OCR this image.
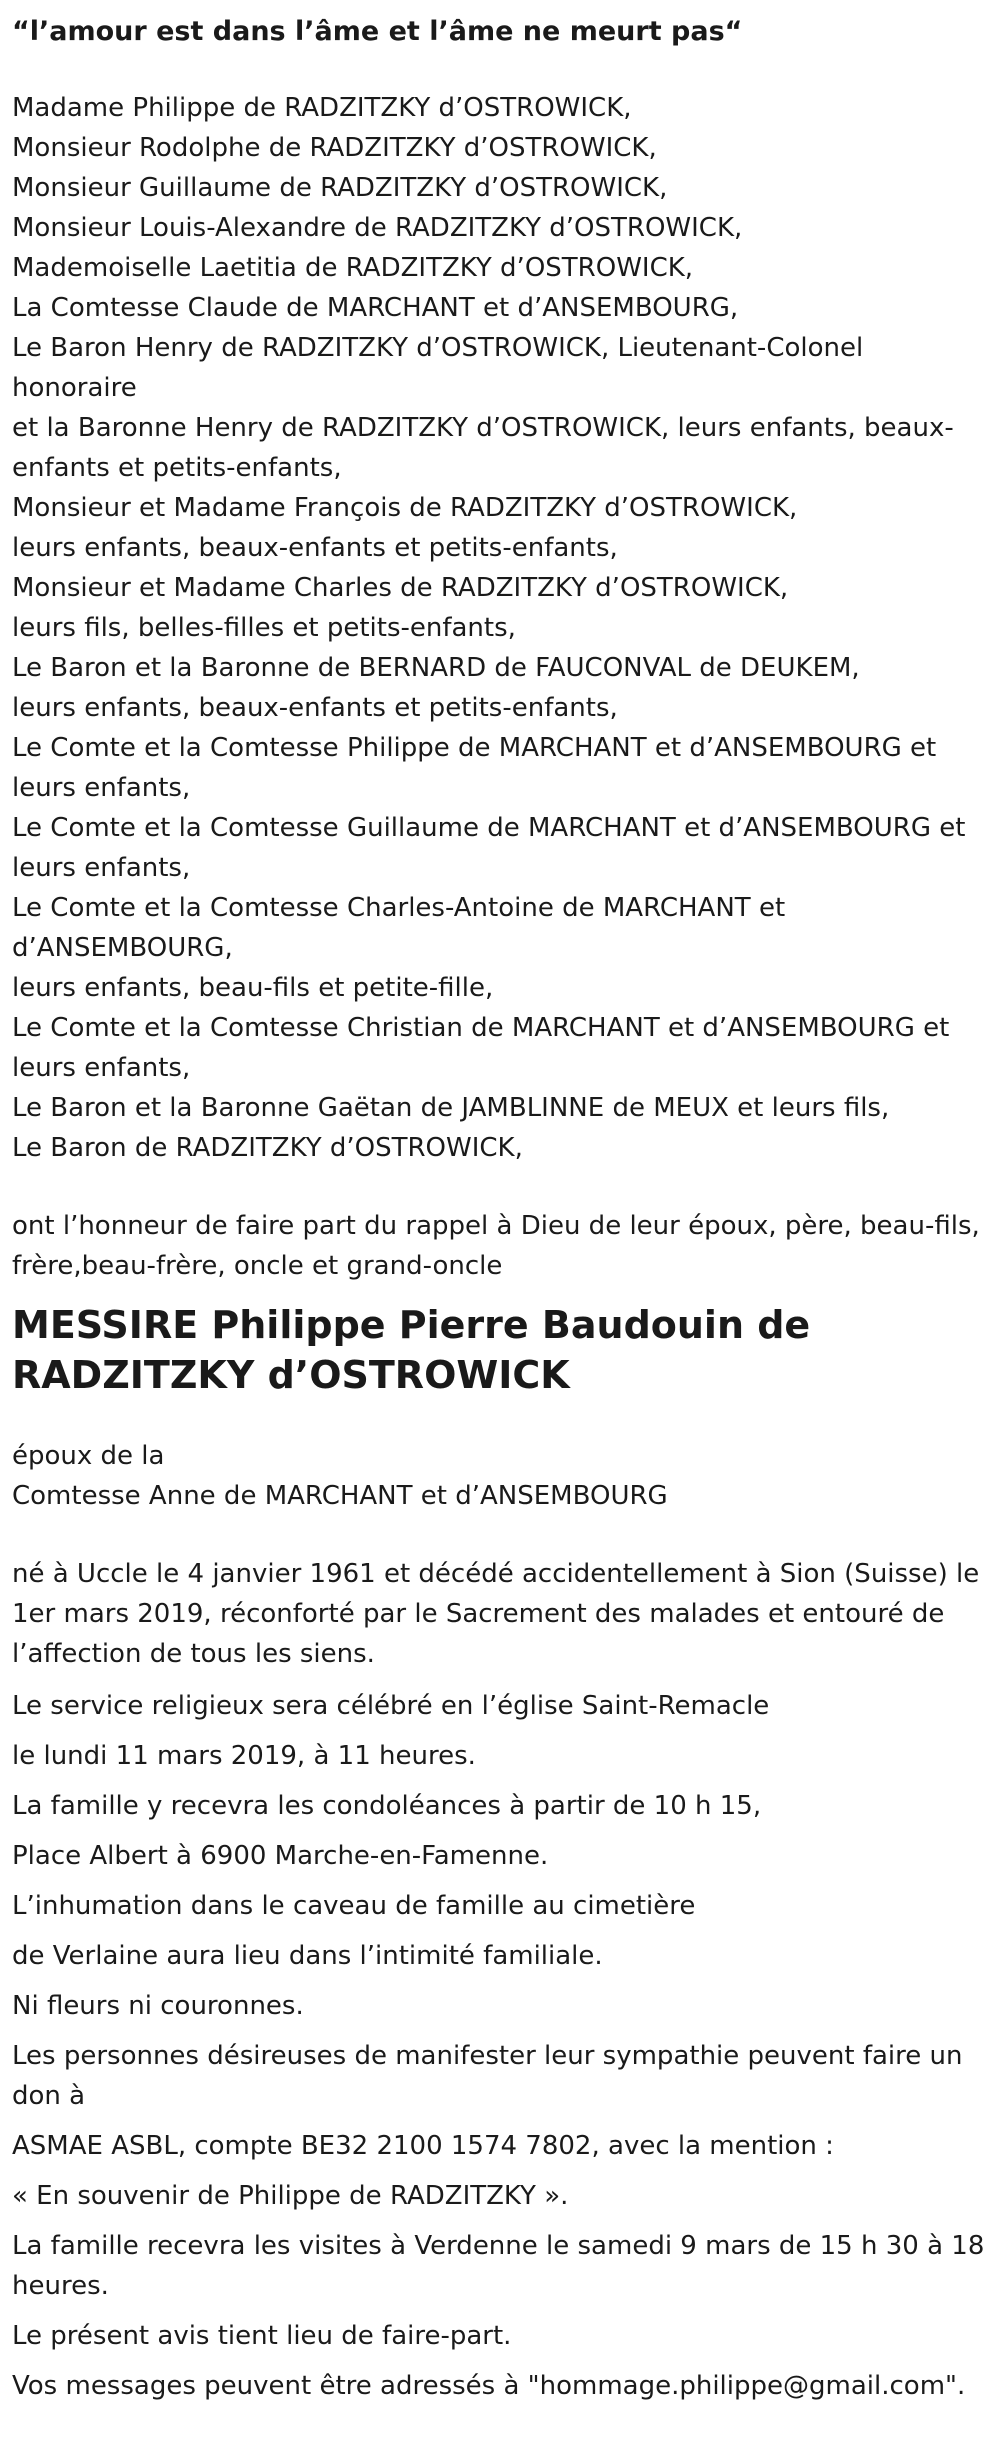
“l’amour est dans l’âme et l’âme ne meurt pas“

Madame Philippe de RADZITZKY d’OSTROWICK,

Monsieur Rodolphe de RADZITZKY d’OSTROWICK,

Monsieur Guillaume de RADZITZKY d’OSTROWICK,

Monsieur Louis-Alexandre de RADZITZKY d’OSTROWICK,

Mademoiselle Laetitia de RADZITZKY d’OSTROWICK,

La Comtesse Claude de MARCHANT et d’ANSEMBOURG,

Le Baron Henry de RADZITZKY d’OSTROWICK, Lieutenant-Colonel honoraire

et la Baronne Henry de RADZITZKY d’OSTROWICK, leurs enfants, beaux-enfants et petits-enfants,

Monsieur et Madame François de RADZITZKY d’OSTROWICK,

leurs enfants, beaux-enfants et petits-enfants,

Monsieur et Madame Charles de RADZITZKY d’OSTROWICK,

leurs fils, belles-filles et petits-enfants,

Le Baron et la Baronne de BERNARD de FAUCONVAL de DEUKEM,

leurs enfants, beaux-enfants et petits-enfants,

Le Comte et la Comtesse Philippe de MARCHANT et d’ANSEMBOURG et leurs enfants,

Le Comte et la Comtesse Guillaume de MARCHANT et d’ANSEMBOURG et leurs enfants,

Le Comte et la Comtesse Charles-Antoine de MARCHANT et d’ANSEMBOURG,

leurs enfants, beau-fils et petite-fille,

Le Comte et la Comtesse Christian de MARCHANT et d’ANSEMBOURG et leurs enfants,

Le Baron et la Baronne Gaëtan de JAMBLINNE de MEUX et leurs fils,

Le Baron de RADZITZKY d’OSTROWICK,

ont l’honneur de faire part du rappel à Dieu de leur époux, père, beau-fils, frère,beau-frère, oncle et grand-oncle

MESSIRE Philippe Pierre Baudouin de RADZITZKY d’OSTROWICK

époux de la

Comtesse Anne de MARCHANT et d’ANSEMBOURG

né à Uccle le 4 janvier 1961 et décédé accidentellement à Sion (Suisse) le 1er mars 2019, réconforté par le Sacrement des malades et entouré de l’affection de tous les siens.

Le service religieux sera célébré en l’église Saint-Remacle

le lundi 11 mars 2019, à 11 heures.

La famille y recevra les condoléances à partir de 10 h 15,

Place Albert à 6900 Marche-en-Famenne.

L’inhumation dans le caveau de famille au cimetière

de Verlaine aura lieu dans l’intimité familiale.

Ni fleurs ni couronnes.

Les personnes désireuses de manifester leur sympathie peuvent faire un don à

ASMAE ASBL, compte BE32 2100 1574 7802, avec la mention :

« En souvenir de Philippe de RADZITZKY ».

La famille recevra les visites à Verdenne le samedi 9 mars de 15 h 30 à 18 heures.

Le présent avis tient lieu de faire-part.

Vos messages peuvent être adressés à "hommage.philippe@gmail.com".
